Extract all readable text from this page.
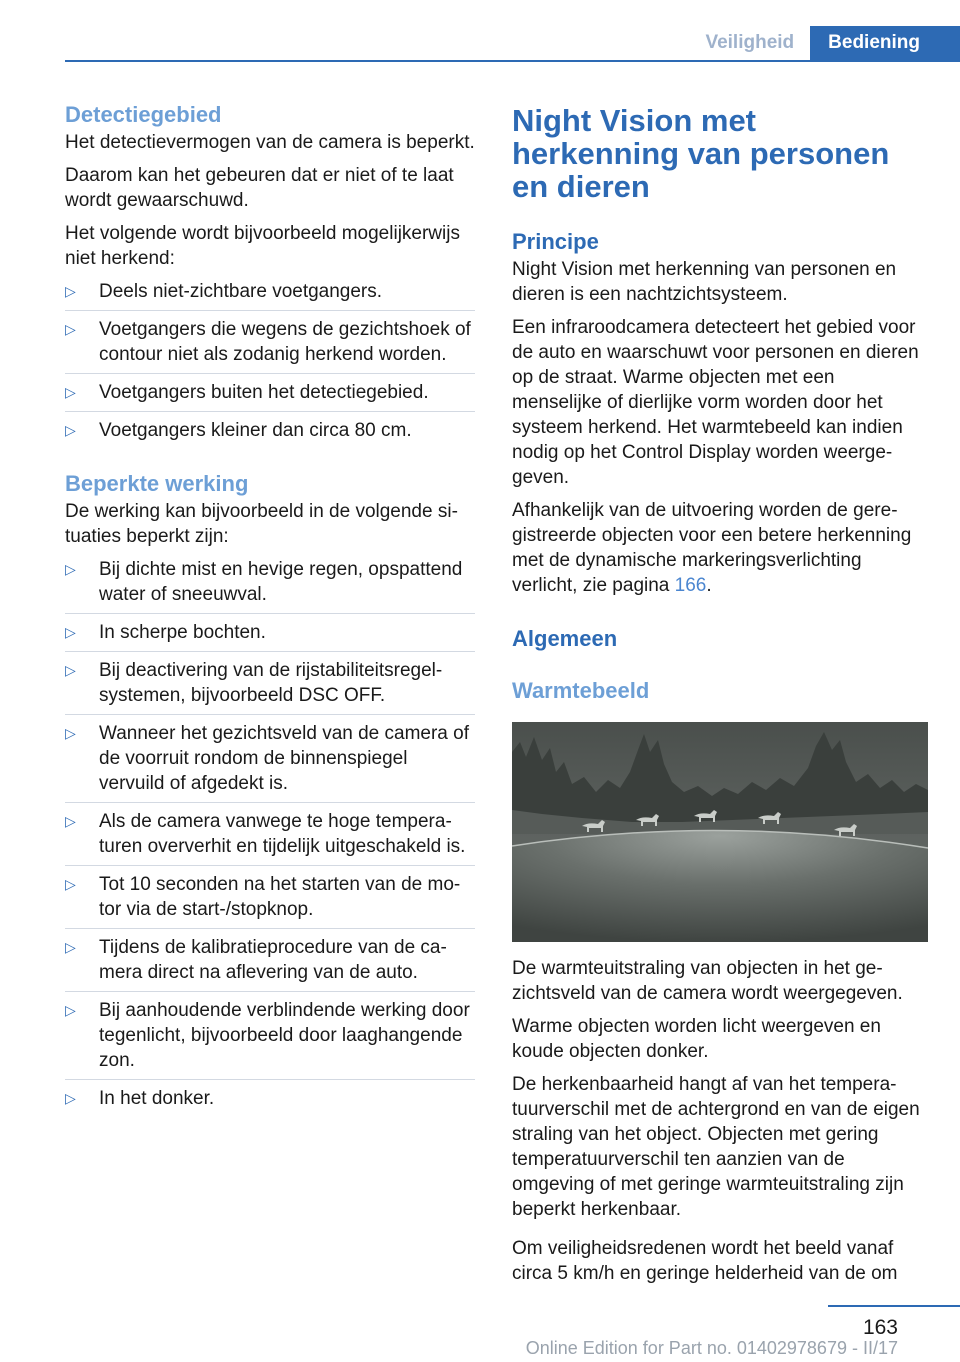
Veiligheid	Bediening
Detectiegebied
Het detectievermogen van de camera is beperkt.
Daarom kan het gebeuren dat er niet of te laat wordt gewaarschuwd.
Het volgende wordt bijvoorbeeld mogelijkerwijs niet herkend:
▷ Deels niet-zichtbare voetgangers.
▷ Voetgangers die wegens de gezichtshoek of contour niet als zodanig herkend worden.
▷ Voetgangers buiten het detectiegebied.
▷ Voetgangers kleiner dan circa 80 cm.
Beperkte werking
De werking kan bijvoorbeeld in de volgende situaties beperkt zijn:
▷ Bij dichte mist en hevige regen, opspattend water of sneeuwval.
▷ In scherpe bochten.
▷ Bij deactivering van de rijstabiliteitsregelsystemen, bijvoorbeeld DSC OFF.
▷ Wanneer het gezichtsveld van de camera of de voorruit rondom de binnenspiegel vervuild of afgedekt is.
▷ Als de camera vanwege te hoge temperaturen oververhit en tijdelijk uitgeschakeld is.
▷ Tot 10 seconden na het starten van de motor via de start-/stopknop.
▷ Tijdens de kalibratieprocedure van de camera direct na aflevering van de auto.
▷ Bij aanhoudende verblindende werking door tegenlicht, bijvoorbeeld door laaghangende zon.
▷ In het donker.
Night Vision met herkenning van personen en dieren
Principe
Night Vision met herkenning van personen en dieren is een nachtzichtsysteem.
Een infraroodcamera detecteert het gebied voor de auto en waarschuwt voor personen en dieren op de straat. Warme objecten met een menselijke of dierlijke vorm worden door het systeem herkend. Het warmtebeeld kan indien nodig op het Control Display worden weergegeven.
Afhankelijk van de uitvoering worden de geregistreerde objecten voor een betere herkenning met de dynamische markeringsverlichting verlicht, zie pagina 166.
Algemeen
Warmtebeeld
De warmteuitstraling van objecten in het gezichtsveld van de camera wordt weergegeven.
Warme objecten worden licht weergeven en koude objecten donker.
De herkenbaarheid hangt af van het temperatuurverschil met de achtergrond en van de eigen straling van het object. Objecten met gering temperatuurverschil ten aanzien van de omgeving of met geringe warmteuitstraling zijn beperkt herkenbaar.
Om veiligheidsredenen wordt het beeld vanaf circa 5 km/h en geringe helderheid van de om
163
Online Edition for Part no. 01402978679 - II/17
